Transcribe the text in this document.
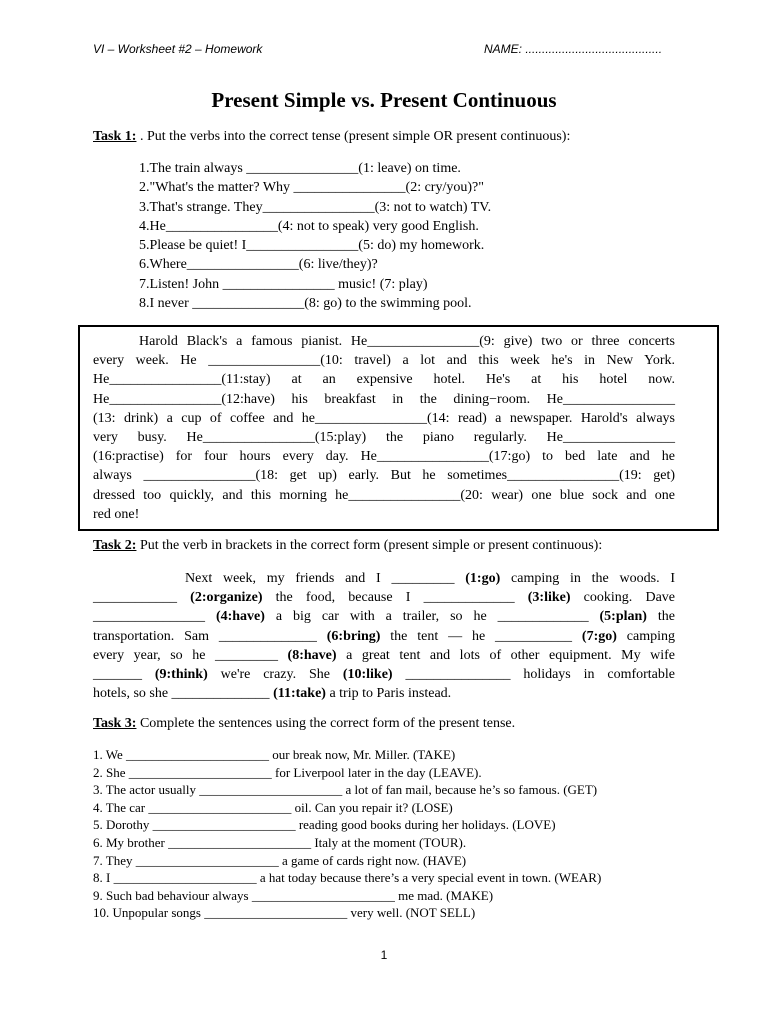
VI – Worksheet #2 – Homework	NAME: .........................................
Present Simple vs. Present Continuous
Task 1: . Put the verbs into the correct tense (present simple OR present continuous):
1.The train always ________________(1: leave) on time.
2."What's the matter? Why ________________(2: cry/you)?"
3.That's strange. They________________(3: not to watch) TV.
4.He________________(4: not to speak) very good English.
5.Please be quiet! I________________(5: do) my homework.
6.Where________________(6: live/they)?
7.Listen! John ________________ music! (7: play)
8.I never ________________(8: go) to the swimming pool.
Harold Black's a famous pianist. He________________(9: give) two or three concerts
every week. He ________________(10: travel) a lot and this week he's in New York.
He________________(11:stay) at an expensive hotel. He's at his hotel now.
He________________(12:have) his breakfast in the dining−room. He________________
(13: drink) a cup of coffee and he________________(14: read) a newspaper. Harold's always
very busy. He________________(15:play) the piano regularly. He________________
(16:practise) for four hours every day. He________________(17:go) to bed late and he
always ________________(18: get up) early. But he sometimes________________(19: get)
dressed too quickly, and this morning he________________(20: wear) one blue sock and one
red one!
Task 2: Put the verb in brackets in the correct form (present simple or present continuous):
Next week, my friends and I _________ (1:go) camping in the woods. I
____________ (2:organize) the food, because I _____________ (3:like) cooking. Dave
________________ (4:have) a big car with a trailer, so he _____________ (5:plan) the
transportation. Sam ______________ (6:bring) the tent — he ___________ (7:go) camping
every year, so he _________ (8:have) a great tent and lots of other equipment. My wife
_______ (9:think) we're crazy. She (10:like) _______________ holidays in comfortable
hotels, so she ______________ (11:take) a trip to Paris instead.
Task 3: Complete the sentences using the correct form of the present tense.
1. We ______________________ our break now, Mr. Miller. (TAKE)
2. She ______________________ for Liverpool later in the day (LEAVE).
3. The actor usually ______________________ a lot of fan mail, because he’s so famous. (GET)
4. The car ______________________ oil. Can you repair it? (LOSE)
5. Dorothy ______________________ reading good books during her holidays. (LOVE)
6. My brother ______________________ Italy at the moment (TOUR).
7. They ______________________ a game of cards right now. (HAVE)
8. I ______________________ a hat today because there’s a very special event in town. (WEAR)
9. Such bad behaviour always ______________________ me mad. (MAKE)
10. Unpopular songs ______________________ very well. (NOT SELL)
1
